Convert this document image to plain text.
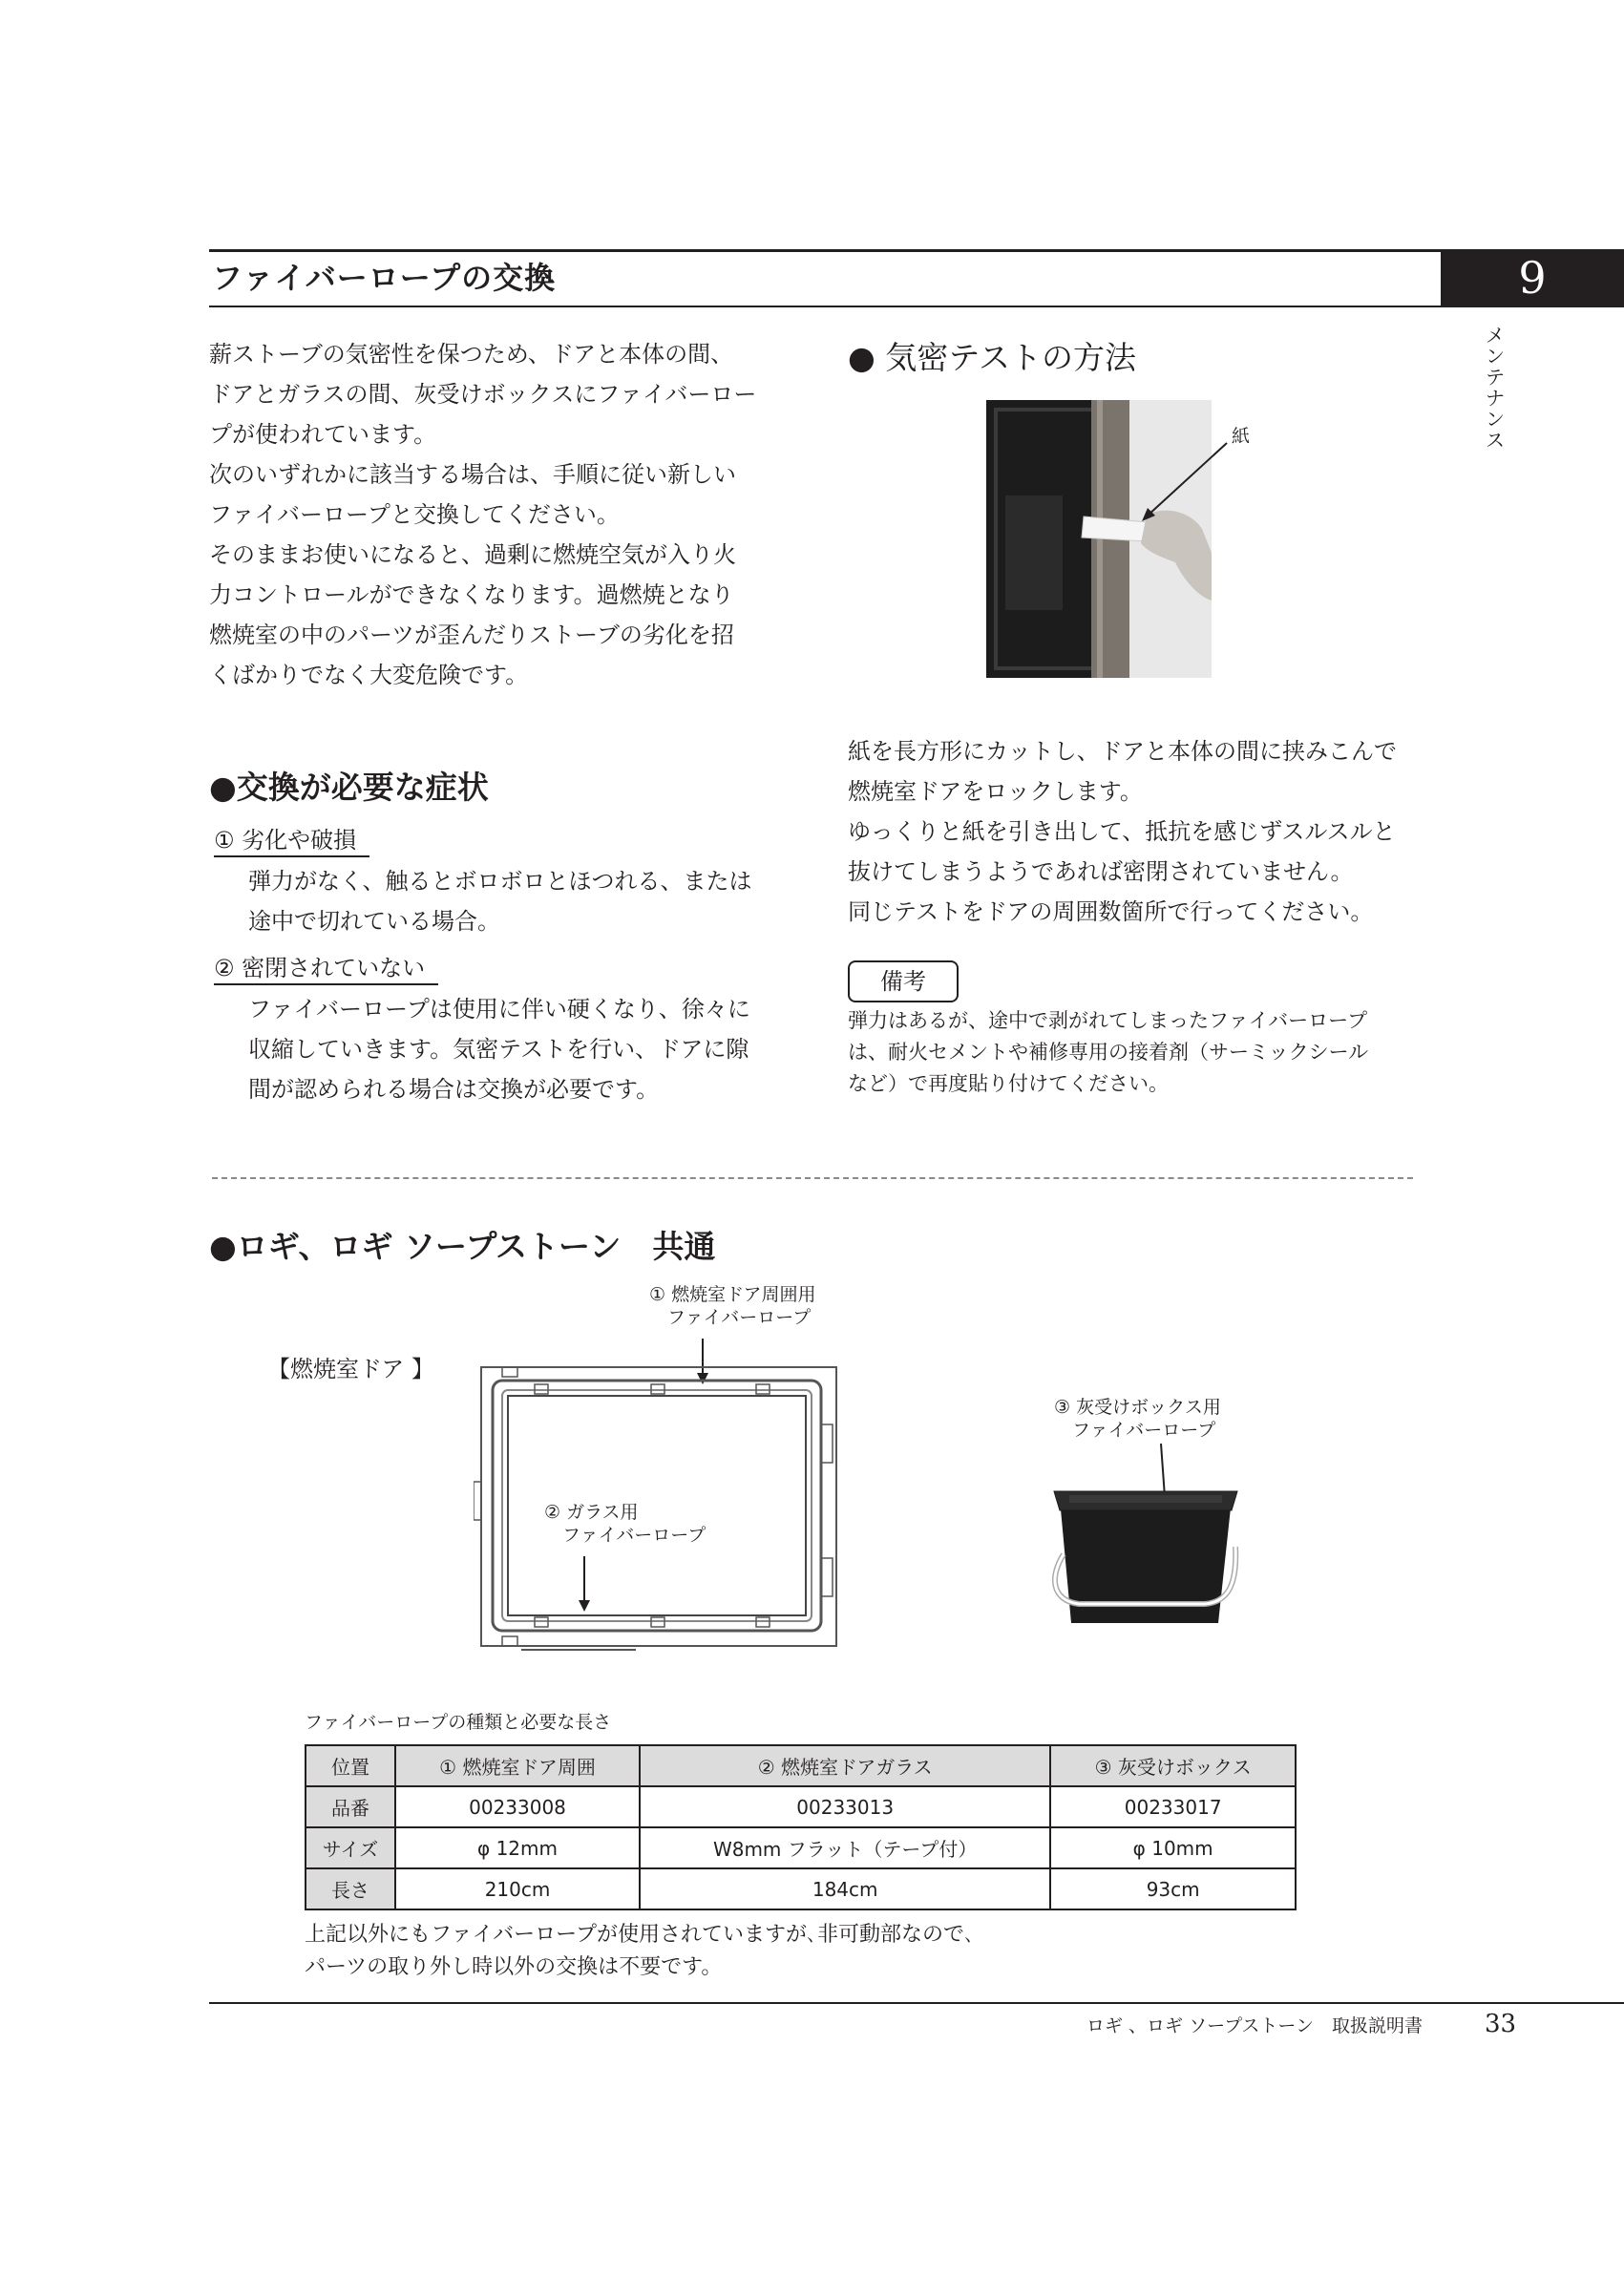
ファイバーロープの交換	9
メ
ン
テ
ナ
ン
ス
薪ストーブの気密性を保つため、ドアと本体の間、
ドアとガラスの間、灰受けボックスにファイバーロー
プが使われています。
次のいずれかに該当する場合は、手順に従い新しい
ファイバーロープと交換してください。
そのままお使いになると、過剰に燃焼空気が入り火
力コントロールができなくなります。過燃焼となり
燃焼室の中のパーツが歪んだりストーブの劣化を招
くばかりでなく大変危険です。
●交換が必要な症状
① 劣化や破損
弾力がなく、触るとボロボロとほつれる、または
途中で切れている場合。
② 密閉されていない
ファイバーロープは使用に伴い硬くなり、徐々に
収縮していきます。気密テストを行い、ドアに隙
間が認められる場合は交換が必要です。
● 気密テストの方法
紙
紙を長方形にカットし、ドアと本体の間に挟みこんで
燃焼室ドアをロックします。
ゆっくりと紙を引き出して、抵抗を感じずスルスルと
抜けてしまうようであれば密閉されていません。
同じテストをドアの周囲数箇所で行ってください。
備考
弾力はあるが、途中で剥がれてしまったファイバーロープ
は、耐火セメントや補修専用の接着剤（サーミックシール
など）で再度貼り付けてください。
●ロギ、ロギ ソープストーン　共通
① 燃焼室ドア周囲用
　ファイバーロープ
【燃焼室ドア 】
② ガラス用
　ファイバーロープ
③ 灰受けボックス用
　ファイバーロープ
ファイバーロープの種類と必要な長さ
位置	① 燃焼室ドア周囲	② 燃焼室ドアガラス	③ 灰受けボックス
品番	00233008	00233013	00233017
サイズ	φ 12mm	W8mm フラット（テープ付）	φ 10mm
長さ	210cm	184cm	93cm
上記以外にもファイバーロープが使用されていますが､非可動部なので､
パーツの取り外し時以外の交換は不要です。
ロギ 、ロギ ソープストーン　取扱説明書	33
